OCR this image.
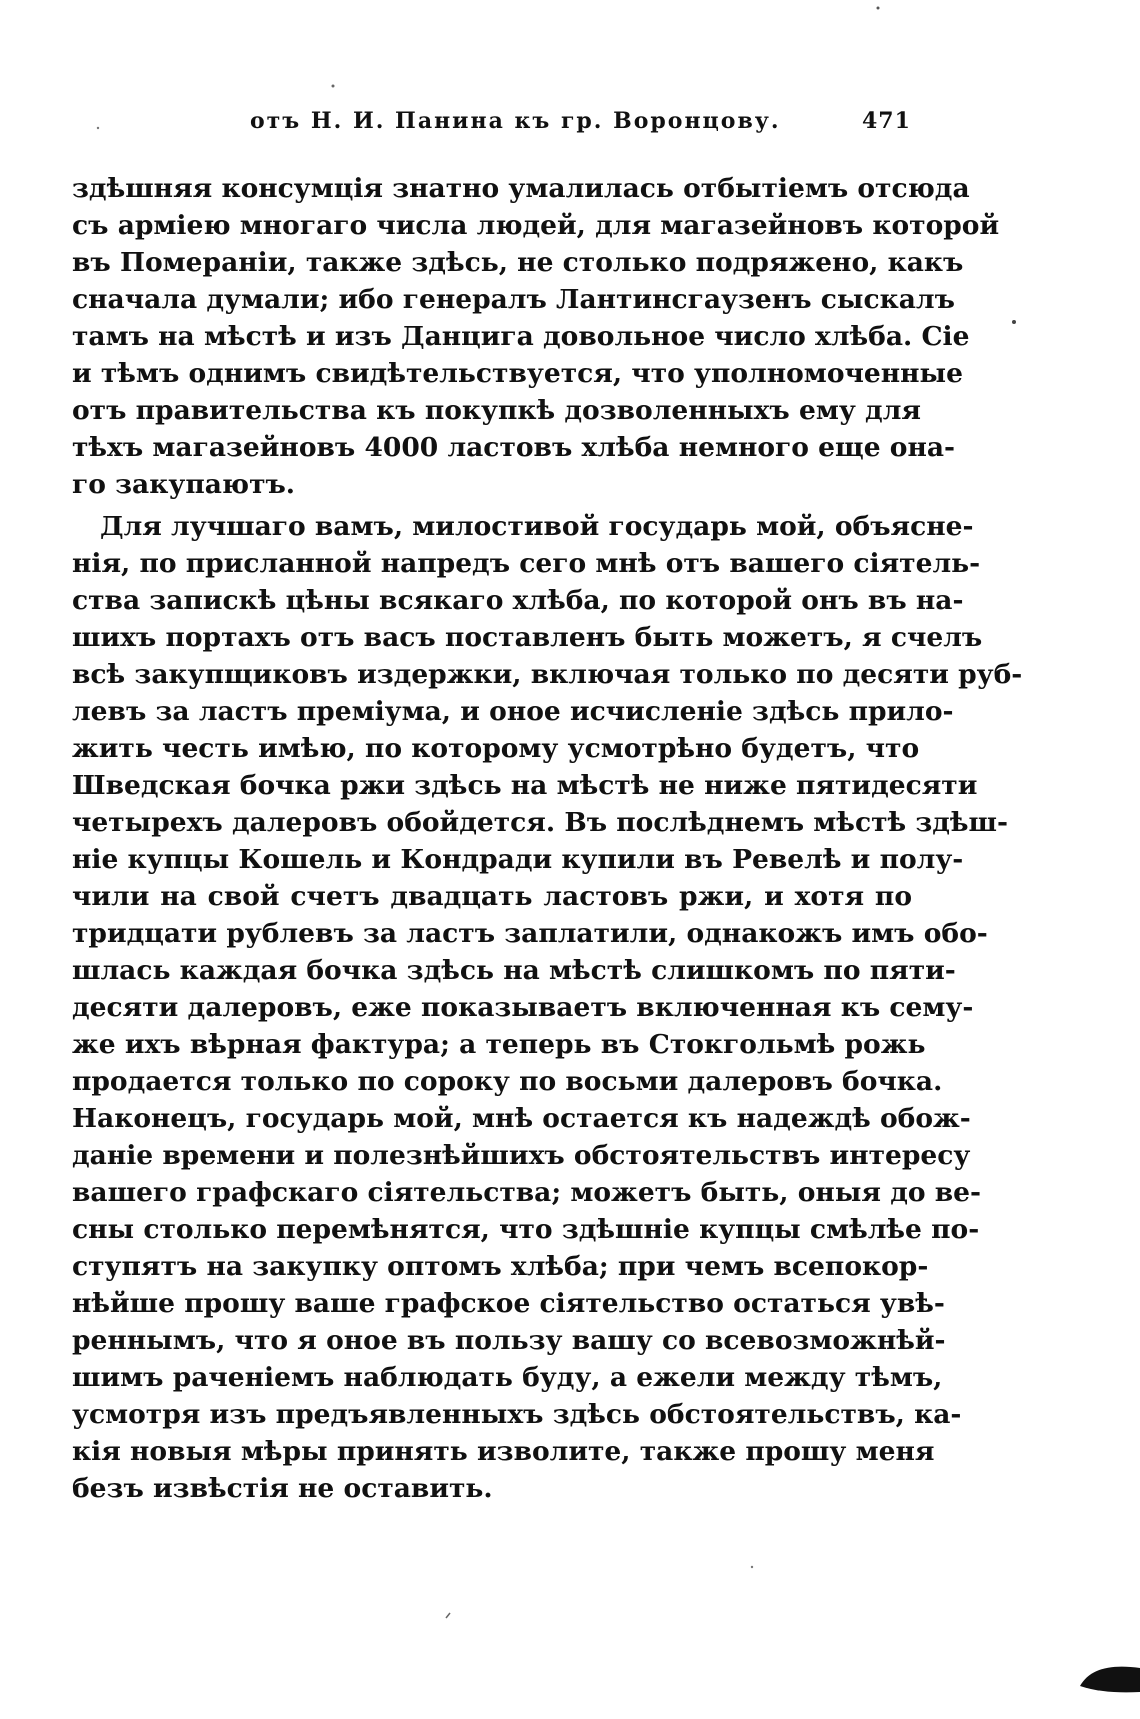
отъ Н. И. Панина къ гр. Воронцову.	471
здѣшняя консумція знатно умалилась отбытіемъ отсюда
съ арміею многаго числа людей, для магазейновъ которой
въ Помераніи, также здѣсь, не столько подряжено, какъ
сначала думали; ибо генералъ Лантинсгаузенъ сыскалъ
тамъ на мѣстѣ и изъ Данцига довольное число хлѣба. Сіе
и тѣмъ однимъ свидѣтельствуется, что уполномоченные
отъ правительства къ покупкѣ дозволенныхъ ему для
тѣхъ магазейновъ 4000 ластовъ хлѣба немного еще она-
го закупаютъ.
Для лучшаго вамъ, милостивой государь мой, объясне-
нія, по присланной напредъ сего мнѣ отъ вашего сіятель-
ства запискѣ цѣны всякаго хлѣба, по которой онъ въ на-
шихъ портахъ отъ васъ поставленъ быть можетъ, я счелъ
всѣ закупщиковъ издержки, включая только по десяти руб-
левъ за ластъ преміума, и оное исчисленіе здѣсь прило-
жить честь имѣю, по которому усмотрѣно будетъ, что
Шведская бочка ржи здѣсь на мѣстѣ не ниже пятидесяти
четырехъ далеровъ обойдется. Въ послѣднемъ мѣстѣ здѣш-
ніе купцы Кошель и Кондради купили въ Ревелѣ и полу-
чили на свой счетъ двадцать ластовъ ржи, и хотя по
тридцати рублевъ за ластъ заплатили, однакожъ имъ обо-
шлась каждая бочка здѣсь на мѣстѣ слишкомъ по пяти-
десяти далеровъ, еже показываетъ включенная къ сему-
же ихъ вѣрная фактура; а теперь въ Стокгольмѣ рожь
продается только по сороку по восьми далеровъ бочка.
Наконецъ, государь мой, мнѣ остается къ надеждѣ обож-
даніе времени и полезнѣйшихъ обстоятельствъ интересу
вашего графскаго сіятельства; можетъ быть, оныя до ве-
сны столько перемѣнятся, что здѣшніе купцы смѣлѣе по-
ступятъ на закупку оптомъ хлѣба; при чемъ всепокор-
нѣйше прошу ваше графское сіятельство остаться увѣ-
реннымъ, что я оное въ пользу вашу со всевозможнѣй-
шимъ раченіемъ наблюдать буду, а ежели между тѣмъ,
усмотря изъ предъявленныхъ здѣсь обстоятельствъ, ка-
кія новыя мѣры принять изволите, также прошу меня
безъ извѣстія не оставить.
